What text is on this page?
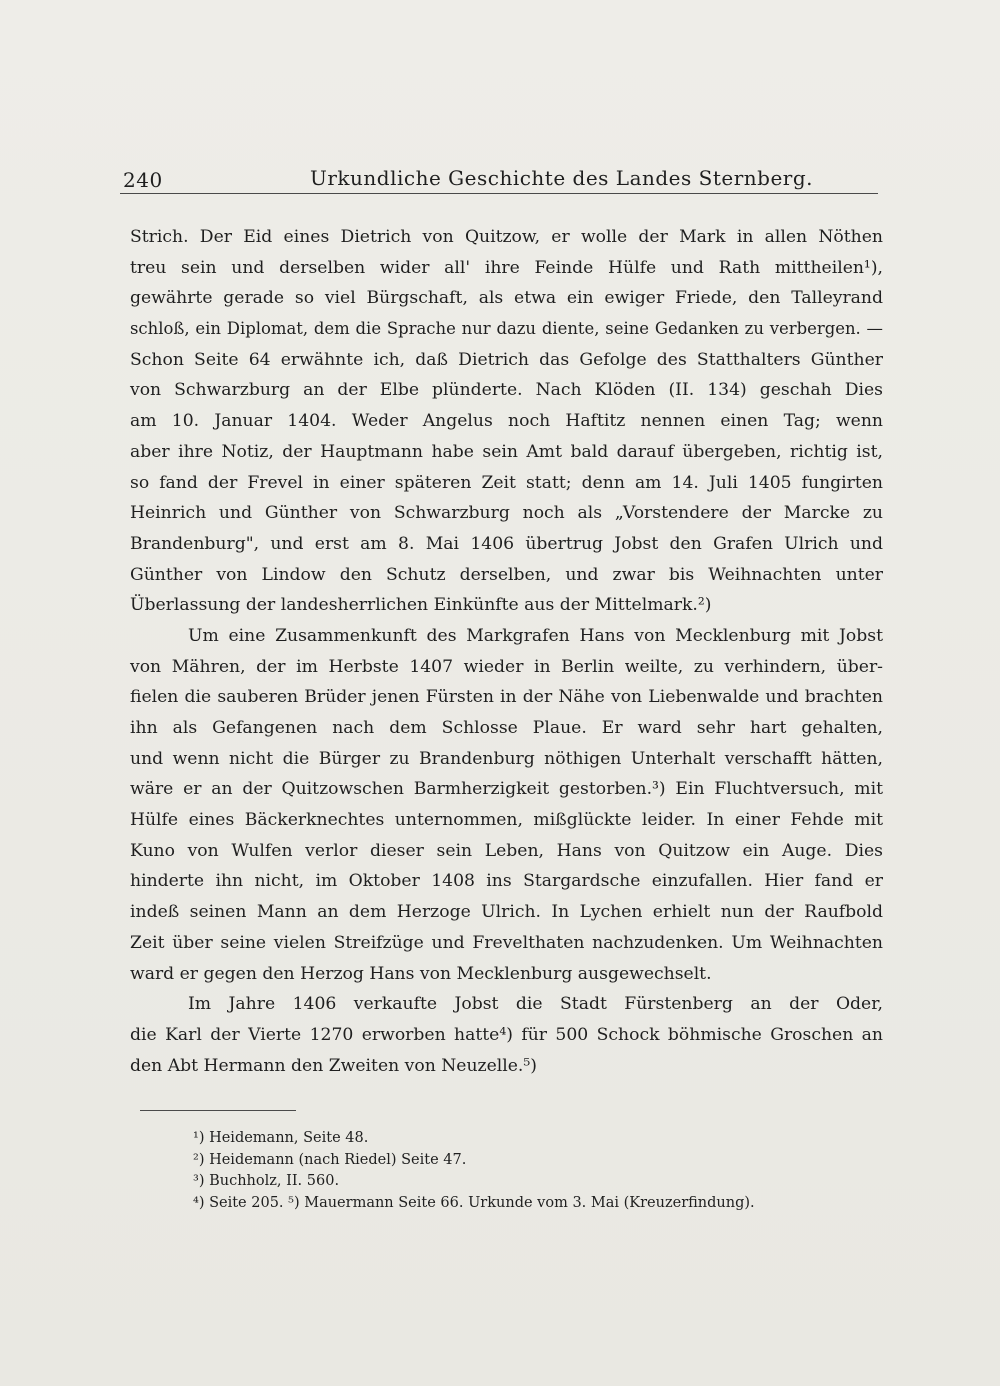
240	Urkundliche Geschichte des Landes Sternberg.
Strich. Der Eid eines Dietrich von Quitzow, er wolle der Mark in allen Nöthen
treu sein und derselben wider all' ihre Feinde Hülfe und Rath mittheilen¹),
gewährte gerade so viel Bürgschaft, als etwa ein ewiger Friede, den Talleyrand
schloß, ein Diplomat, dem die Sprache nur dazu diente, seine Gedanken zu verbergen. —
Schon Seite 64 erwähnte ich, daß Dietrich das Gefolge des Statthalters Günther
von Schwarzburg an der Elbe plünderte. Nach Klöden (II. 134) geschah Dies
am 10. Januar 1404. Weder Angelus noch Haftitz nennen einen Tag; wenn
aber ihre Notiz, der Hauptmann habe sein Amt bald darauf übergeben, richtig ist,
so fand der Frevel in einer späteren Zeit statt; denn am 14. Juli 1405 fungirten
Heinrich und Günther von Schwarzburg noch als „Vorstendere der Marcke zu
Brandenburg", und erst am 8. Mai 1406 übertrug Jobst den Grafen Ulrich und
Günther von Lindow den Schutz derselben, und zwar bis Weihnachten unter
Überlassung der landesherrlichen Einkünfte aus der Mittelmark.²)
Um eine Zusammenkunft des Markgrafen Hans von Mecklenburg mit Jobst
von Mähren, der im Herbste 1407 wieder in Berlin weilte, zu verhindern, über-
fielen die sauberen Brüder jenen Fürsten in der Nähe von Liebenwalde und brachten
ihn als Gefangenen nach dem Schlosse Plaue. Er ward sehr hart gehalten,
und wenn nicht die Bürger zu Brandenburg nöthigen Unterhalt verschafft hätten,
wäre er an der Quitzowschen Barmherzigkeit gestorben.³) Ein Fluchtversuch, mit
Hülfe eines Bäckerknechtes unternommen, mißglückte leider. In einer Fehde mit
Kuno von Wulfen verlor dieser sein Leben, Hans von Quitzow ein Auge. Dies
hinderte ihn nicht, im Oktober 1408 ins Stargardsche einzufallen. Hier fand er
indeß seinen Mann an dem Herzoge Ulrich. In Lychen erhielt nun der Raufbold
Zeit über seine vielen Streifzüge und Frevelthaten nachzudenken. Um Weihnachten
ward er gegen den Herzog Hans von Mecklenburg ausgewechselt.
Im Jahre 1406 verkaufte Jobst die Stadt Fürstenberg an der Oder,
die Karl der Vierte 1270 erworben hatte⁴) für 500 Schock böhmische Groschen an
den Abt Hermann den Zweiten von Neuzelle.⁵)
¹) Heidemann, Seite 48.
²) Heidemann (nach Riedel) Seite 47.
³) Buchholz, II. 560.
⁴) Seite 205. ⁵) Mauermann Seite 66. Urkunde vom 3. Mai (Kreuzerfindung).
